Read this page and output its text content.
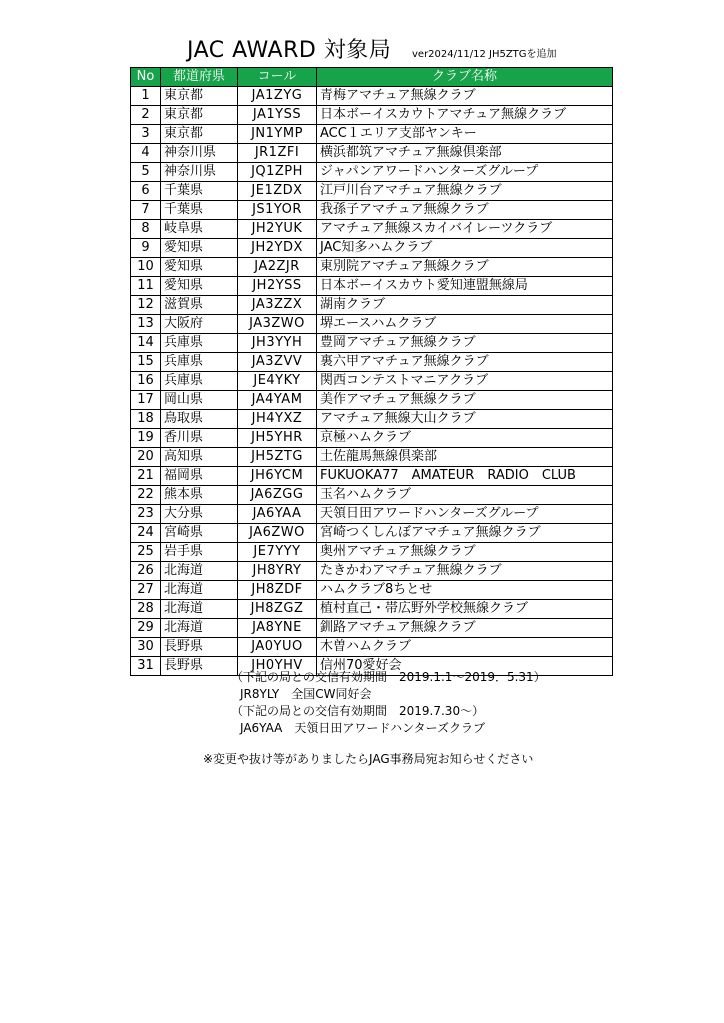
JAC AWARD 対象局 ver2024/11/12 JH5ZTGを追加
No	都道府県	コール	クラブ名称
1	東京都	JA1ZYG	青梅アマチュア無線クラブ
2	東京都	JA1YSS	日本ボーイスカウトアマチュア無線クラブ
3	東京都	JN1YMP	ACC１エリア支部ヤンキー
4	神奈川県	JR1ZFI	横浜都筑アマチュア無線倶楽部
5	神奈川県	JQ1ZPH	ジャパンアワードハンターズグループ
6	千葉県	JE1ZDX	江戸川台アマチュア無線クラブ
7	千葉県	JS1YOR	我孫子アマチュア無線クラブ
8	岐阜県	JH2YUK	アマチュア無線スカイバイレーツクラブ
9	愛知県	JH2YDX	JAC知多ハムクラブ
10	愛知県	JA2ZJR	東別院アマチュア無線クラブ
11	愛知県	JH2YSS	日本ボーイスカウト愛知連盟無線局
12	滋賀県	JA3ZZX	湖南クラブ
13	大阪府	JA3ZWO	堺エースハムクラブ
14	兵庫県	JH3YYH	豊岡アマチュア無線クラブ
15	兵庫県	JA3ZVV	裏六甲アマチュア無線クラブ
16	兵庫県	JE4YKY	関西コンテストマニアクラブ
17	岡山県	JA4YAM	美作アマチュア無線クラブ
18	鳥取県	JH4YXZ	アマチュア無線大山クラブ
19	香川県	JH5YHR	京極ハムクラブ
20	高知県	JH5ZTG	土佐龍馬無線倶楽部
21	福岡県	JH6YCM	FUKUOKA77　AMATEUR　RADIO　CLUB
22	熊本県	JA6ZGG	玉名ハムクラブ
23	大分県	JA6YAA	天領日田アワードハンターズグループ
24	宮崎県	JA6ZWO	宮崎つくしんぼアマチュア無線クラブ
25	岩手県	JE7YYY	奥州アマチュア無線クラブ
26	北海道	JH8YRY	たきかわアマチュア無線クラブ
27	北海道	JH8ZDF	ハムクラブ8ちとせ
28	北海道	JH8ZGZ	植村直己・帯広野外学校無線クラブ
29	北海道	JA8YNE	釧路アマチュア無線クラブ
30	長野県	JA0YUO	木曽ハムクラブ
31	長野県	JH0YHV	信州70愛好会

（下記の局との交信有効期間　2019.1.1～2019．5.31）

JR8YLY　全国CW同好会

（下記の局との交信有効期間　2019.7.30～）

JA6YAA　天領日田アワードハンターズクラブ

※変更や抜け等がありましたらJAG事務局宛お知らせください
